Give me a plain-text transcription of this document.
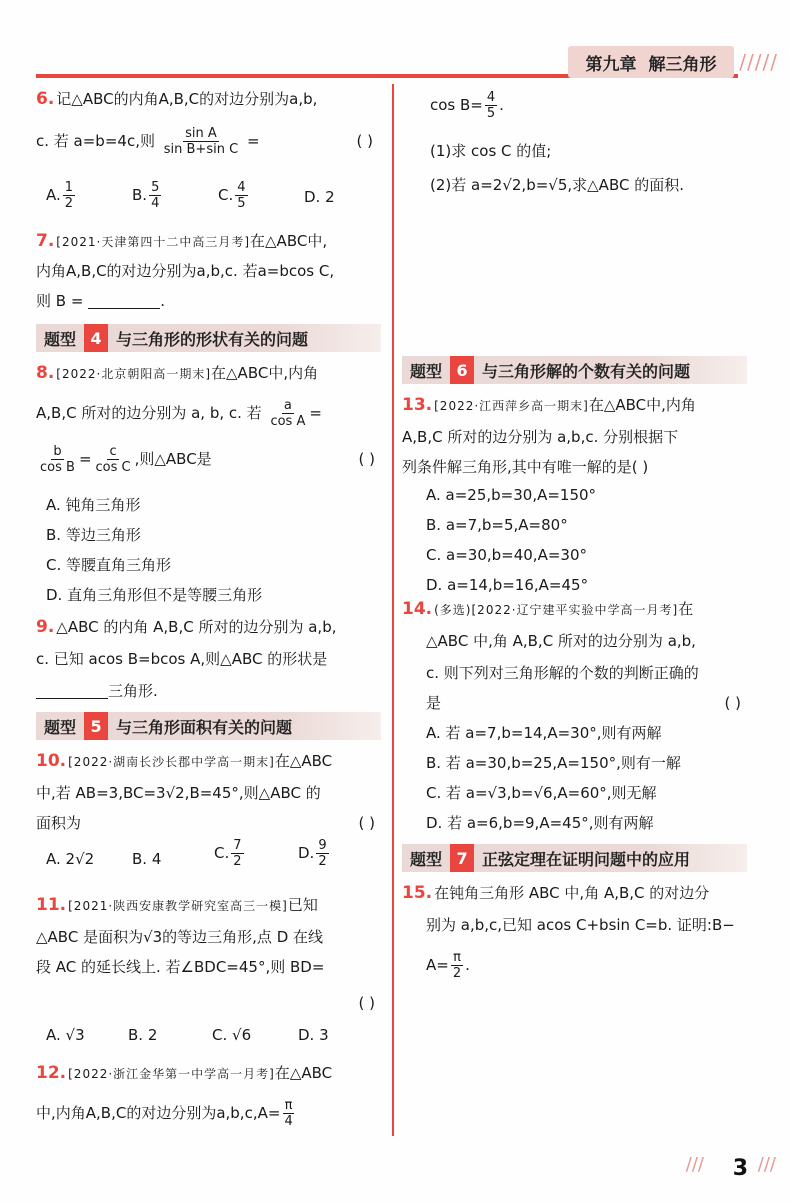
/////
第九章 解三角形
6. 记△ABC的内角A,B,C的对边分别为a,b,
c. 若 a=b=4c,则 $\frac{\text{sin A}}{\text{sin B+sin C}}$ =	( )
A. $\frac{1}{2}$	B. $\frac{5}{4}$	C. $\frac{4}{5}$	D. 2
7. [2021·天津第四十二中高三月考]在△ABC中,
内角A,B,C的对边分别为a,b,c. 若a=bcos C,
则 B =	.
题型 4 与三角形的形状有关的问题
8. [2022·北京朝阳高一期末]在△ABC中,内角
A,B,C 所对的边分别为 a, b, c. 若 $\frac{a}{\text{cos A}}$ =
$\frac{b}{\text{cos B}} = \frac{c}{\text{cos C}}$ ,则△ABC是	( )
A. 钝角三角形
B. 等边三角形
C. 等腰直角三角形
D. 直角三角形但不是等腰三角形
9. △ABC 的内角 A,B,C 所对的边分别为 a,b,
c. 已知 acos B=bcos A,则△ABC 的形状是
三角形.
题型 5 与三角形面积有关的问题
10. [2022·湖南长沙长郡中学高一期末]在△ABC
中,若 AB=3,BC=3√2,B=45°,则△ABC 的
面积为	( )
A. 2√2	B. 4	C. $\frac{7}{2}$	D. $\frac{9}{2}$
11. [2021·陕西安康教学研究室高三一模]已知
△ABC 是面积为√3的等边三角形,点 D 在线
段 AC 的延长线上. 若∠BDC=45°,则 BD=
( )
A. √3	B. 2	C. √6	D. 3
12. [2022·浙江金华第一中学高一月考]在△ABC
中,内角A,B,C的对边分别为$a,b,c,A= \frac{\pi}{4}$
$\cos B= \frac{4}{5}$ .
(1)求 cos C 的值;
(2)若 a=2√2,b=√5,求△ABC 的面积.
题型 6 与三角形解的个数有关的问题
13. [2022·江西萍乡高一期末]在△ABC中,内角
A,B,C 所对的边分别为 a,b,c. 分别根据下
列条件解三角形,其中有唯一解的是( )
A. a=25,b=30,A=150°
B. a=7,b=5,A=80°
C. a=30,b=40,A=30°
D. a=14,b=16,A=45°
14. (多选)[2022·辽宁建平实验中学高一月考]在
△ABC 中,角 A,B,C 所对的边分别为 a,b,
c. 则下列对三角形解的个数的判断正确的
是	( )
A. 若 a=7,b=14,A=30°,则有两解
B. 若 a=30,b=25,A=150°,则有一解
C. 若 a=√3,b=√6,A=60°,则无解
D. 若 a=6,b=9,A=45°,则有两解
题型 7 正弦定理在证明问题中的应用
15. 在钝角三角形 ABC 中,角 A,B,C 的对边分
别为 a,b,c,已知 acos C+bsin C=b. 证明:B−
$A= \frac{\pi}{2}$ .
///	///
3
